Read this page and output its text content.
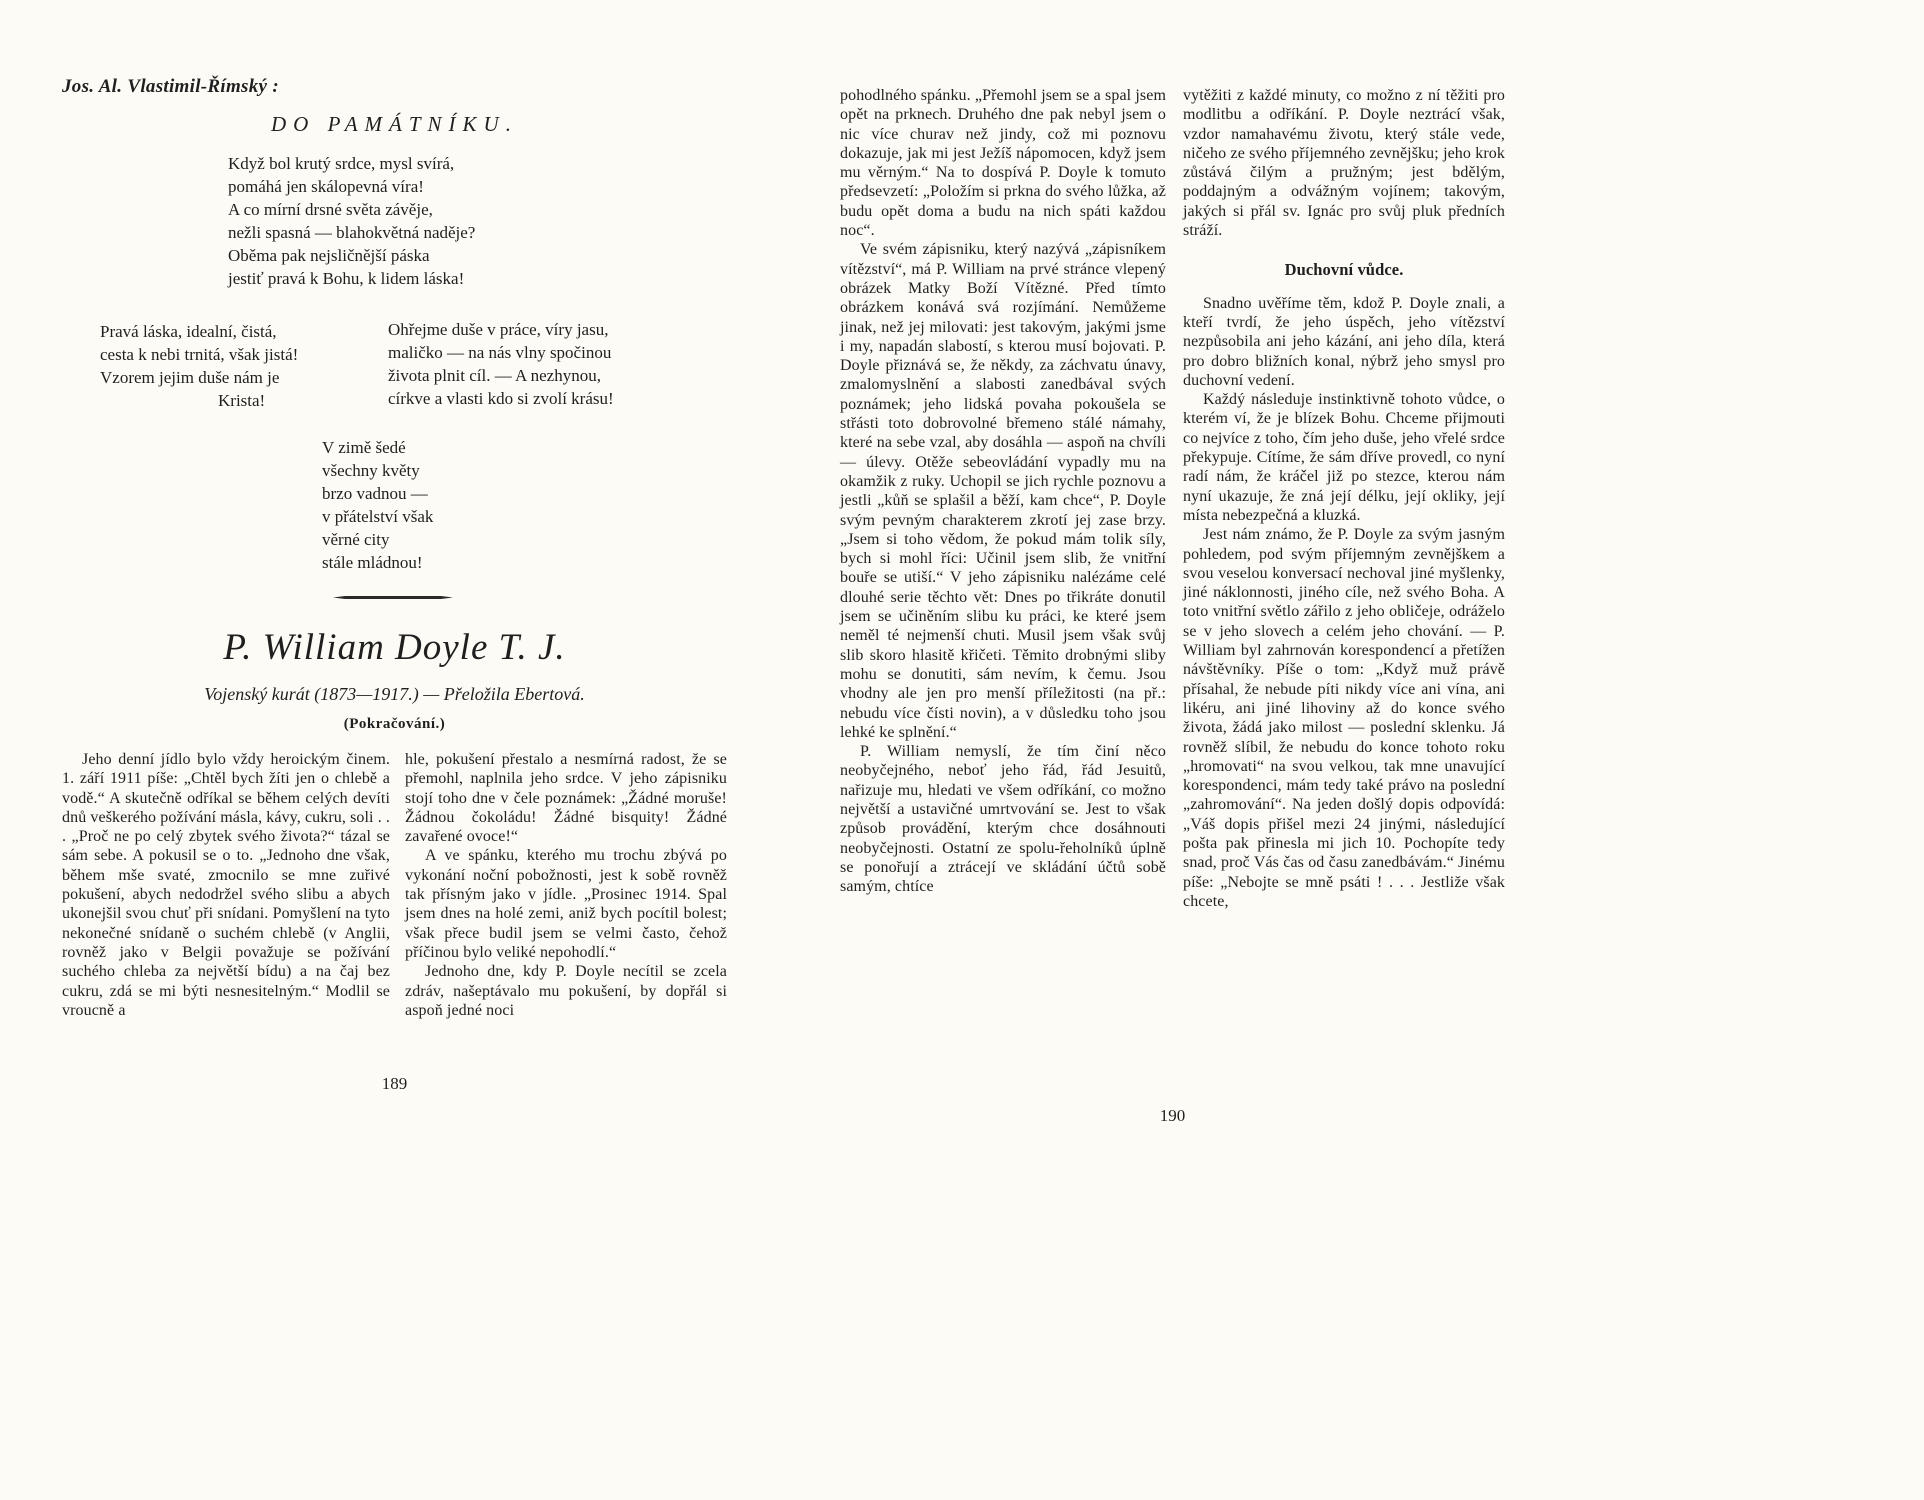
Jos. Al. Vlastimil-Římský :
DO PAMÁTNÍKU.
Když bol krutý srdce, mysl svírá,
pomáhá jen skálopevná víra!
A co mírní drsné světa závěje,
nežli spasná — blahokvětná naděje?
Oběma pak nejsličnější páska
jestiť pravá k Bohu, k lidem láska!
Pravá láska, idealní, čistá,
cesta k nebi trnitá, však jistá!
Vzorem jejim duše nám je
Krista!
Ohřejme duše v práce, víry jasu,
maličko — na nás vlny spočinou
života plnit cíl. — A nezhynou,
církve a vlasti kdo si zvolí krásu!
V zimě šedé
všechny květy
brzo vadnou —
v přátelství však
věrné city
stále mládnou!
P. William Doyle T. J.
Vojenský kurát (1873—1917.) — Přeložila Ebertová.
(Pokračování.)

Jeho denní jídlo bylo vždy heroickým činem. 1. září 1911 píše: „Chtěl bych žíti jen o chlebě a vodě.“ A skutečně odříkal se během celých devíti dnů veškerého požívání másla, kávy, cukru, soli . . . „Proč ne po celý zbytek svého života?“ tázal se sám sebe. A pokusil se o to. „Jednoho dne však, během mše svaté, zmocnilo se mne zuřivé pokušení, abych nedodržel svého slibu a abych ukonejšil svou chuť při snídani. Pomyšlení na tyto nekonečné snídaně o suchém chlebě (v Anglii, rovněž jako v Belgii považuje se požívání suchého chleba za největší bídu) a na čaj bez cukru, zdá se mi býti nesnesitelným.“ Modlil se vroucně a

hle, pokušení přestalo a nesmírná radost, že se přemohl, naplnila jeho srdce. V jeho zápisniku stojí toho dne v čele poznámek: „Žádné moruše! Žádnou čokoládu! Žádné bisquity! Žádné zavařené ovoce!“

A ve spánku, kterého mu trochu zbývá po vykonání noční pobožnosti, jest k sobě rovněž tak přísným jako v jídle. „Prosinec 1914. Spal jsem dnes na holé zemi, aniž bych pocítil bolest; však přece budil jsem se velmi často, čehož příčinou bylo veliké nepohodlí.“

Jednoho dne, kdy P. Doyle necítil se zcela zdráv, našeptávalo mu pokušení, by dopřál si aspoň jedné noci

189

pohodlného spánku. „Přemohl jsem se a spal jsem opět na prknech. Druhého dne pak nebyl jsem o nic více churav než jindy, což mi poznovu dokazuje, jak mi jest Ježíš nápomocen, když jsem mu věrným.“ Na to dospívá P. Doyle k tomuto předsevzetí: „Položím si prkna do svého lůžka, až budu opět doma a budu na nich spáti každou noc“.

Ve svém zápisniku, který nazývá „zápisníkem vítězství“, má P. William na prvé stránce vlepený obrázek Matky Boží Vítězné. Před tímto obrázkem konává svá rozjímání. Nemůžeme jinak, než jej milovati: jest takovým, jakými jsme i my, napadán slabostí, s kterou musí bojovati. P. Doyle přiznává se, že někdy, za záchvatu únavy, zmalomyslnění a slabosti zanedbával svých poznámek; jeho lidská povaha pokoušela se střásti toto dobrovolné břemeno stálé námahy, které na sebe vzal, aby dosáhla — aspoň na chvíli — úlevy. Otěže sebeovládání vypadly mu na okamžik z ruky. Uchopil se jich rychle poznovu a jestli „kůň se splašil a běží, kam chce“, P. Doyle svým pevným charakterem zkrotí jej zase brzy. „Jsem si toho vědom, že pokud mám tolik síly, bych si mohl říci: Učinil jsem slib, že vnitřní bouře se utiší.“ V jeho zápisniku nalézáme celé dlouhé serie těchto vět: Dnes po třikráte donutil jsem se učiněním slibu ku práci, ke které jsem neměl té nejmenší chuti. Musil jsem však svůj slib skoro hlasitě křičeti. Těmito drobnými sliby mohu se donutiti, sám nevím, k čemu. Jsou vhodny ale jen pro menší příležitosti (na př.: nebudu více čísti novin), a v důsledku toho jsou lehké ke splnění.“

P. William nemyslí, že tím činí něco neobyčejného, neboť jeho řád, řád Jesuitů, nařizuje mu, hledati ve všem odříkání, co možno největší a ustavičné umrtvování se. Jest to však způsob provádění, kterým chce dosáhnouti neobyčejnosti. Ostatní ze spolu-řeholníků úplně se ponořují a ztrácejí ve skládání účtů sobě samým, chtíce

vytěžiti z každé minuty, co možno z ní těžiti pro modlitbu a odříkání. P. Doyle neztrácí však, vzdor namahavému životu, který stále vede, ničeho ze svého příjemného zevnějšku; jeho krok zůstává čilým a pružným; jest bdělým, poddajným a odvážným vojínem; takovým, jakých si přál sv. Ignác pro svůj pluk předních stráží.

Duchovní vůdce.

Snadno uvěříme těm, kdož P. Doyle znali, a kteří tvrdí, že jeho úspěch, jeho vítězství nezpůsobila ani jeho kázání, ani jeho díla, která pro dobro bližních konal, nýbrž jeho smysl pro duchovní vedení.

Každý následuje instinktivně tohoto vůdce, o kterém ví, že je blízek Bohu. Chceme přijmouti co nejvíce z toho, čím jeho duše, jeho vřelé srdce překypuje. Cítíme, že sám dříve provedl, co nyní radí nám, že kráčel již po stezce, kterou nám nyní ukazuje, že zná její délku, její okliky, její místa nebezpečná a kluzká.

Jest nám známo, že P. Doyle za svým jasným pohledem, pod svým příjemným zevnějškem a svou veselou konversací nechoval jiné myšlenky, jiné náklonnosti, jiného cíle, než svého Boha. A toto vnitřní světlo zářilo z jeho obličeje, odráželo se v jeho slovech a celém jeho chování. — P. William byl zahrnován korespondencí a přetížen návštěvníky. Píše o tom: „Když muž právě přísahal, že nebude píti nikdy více ani vína, ani likéru, ani jiné lihoviny až do konce svého života, žádá jako milost — poslední sklenku. Já rovněž slíbil, že nebudu do konce tohoto roku „hromovati“ na svou velkou, tak mne unavující korespondenci, mám tedy také právo na poslední „zahromování“. Na jeden došlý dopis odpovídá: „Váš dopis přišel mezi 24 jinými, následující pošta pak přinesla mi jich 10. Pochopíte tedy snad, proč Vás čas od času zanedbávám.“ Jinému píše: „Nebojte se mně psáti ! . . . Jestliže však chcete,

190
